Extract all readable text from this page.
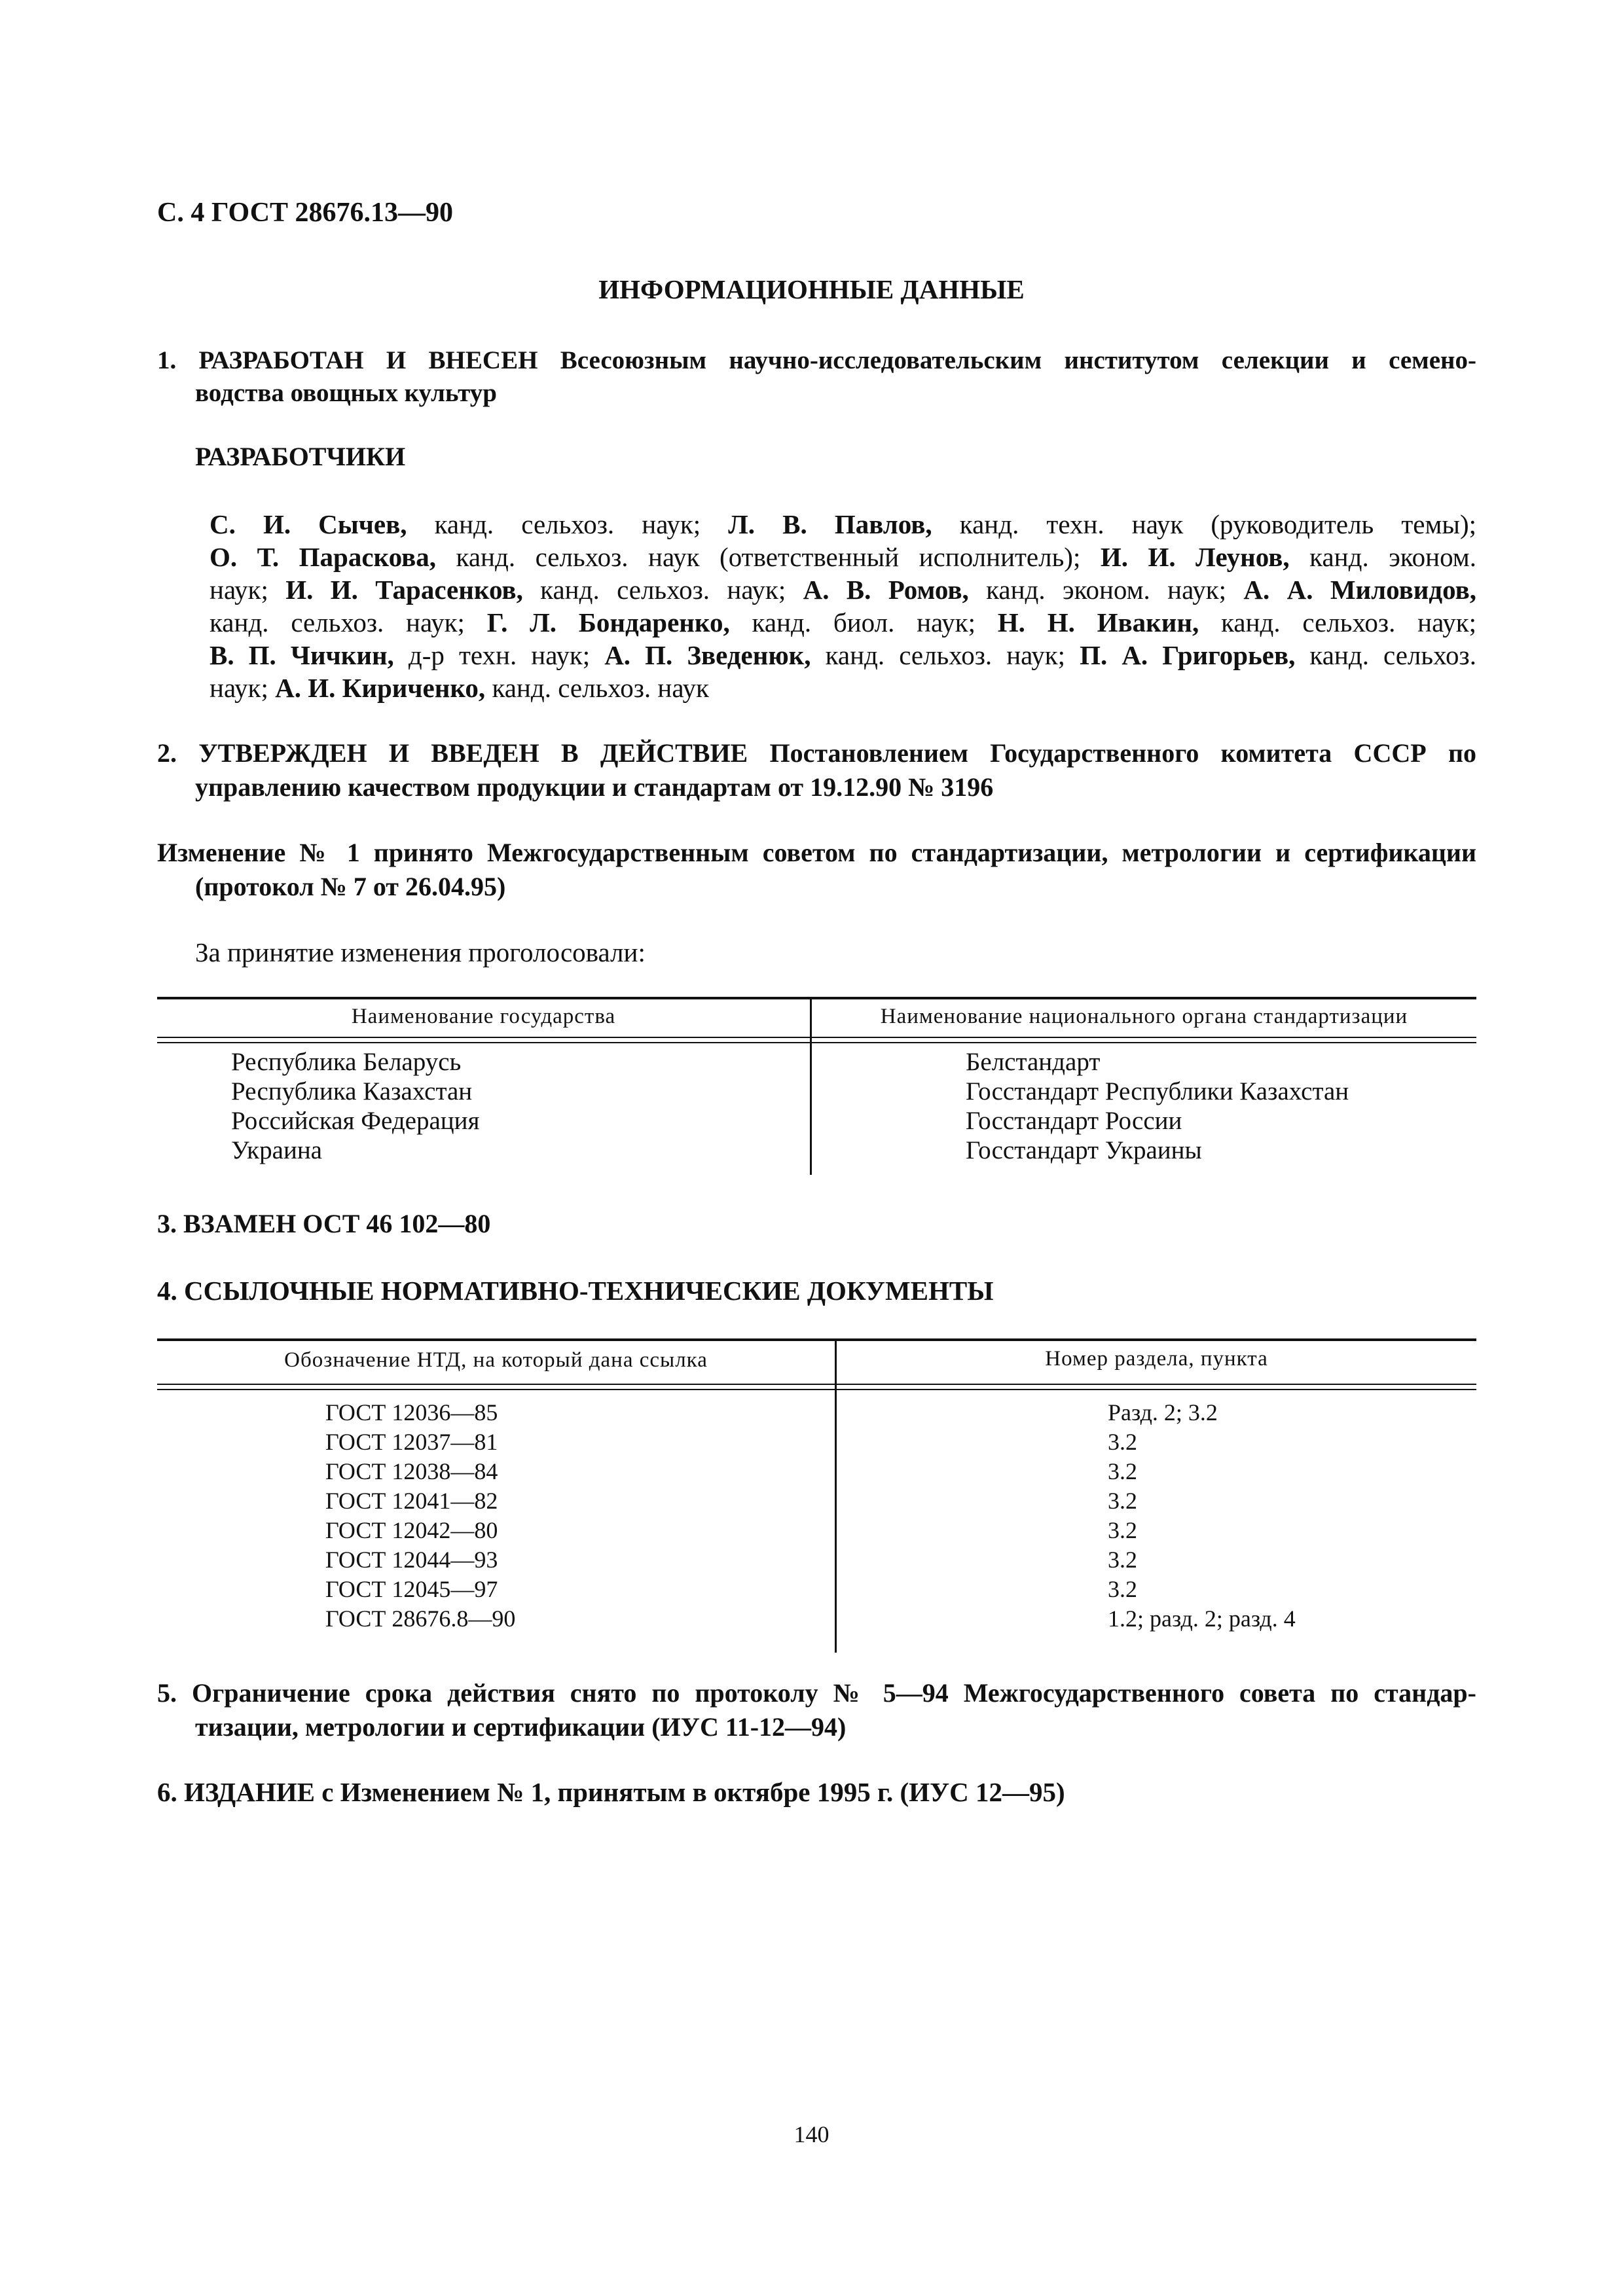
С. 4 ГОСТ 28676.13—90
ИНФОРМАЦИОННЫЕ ДАННЫЕ
1. РАЗРАБОТАН И ВНЕСЕН Всесоюзным научно-исследовательским институтом селекции и семено-
водства овощных культур
РАЗРАБОТЧИКИ
С. И. Сычев, канд. сельхоз. наук; Л. В. Павлов, канд. техн. наук (руководитель темы);
О. Т. Параскова, канд. сельхоз. наук (ответственный исполнитель); И. И. Леунов, канд. эконом.
наук; И. И. Тарасенков, канд. сельхоз. наук; А. В. Ромов, канд. эконом. наук; А. А. Миловидов,
канд. сельхоз. наук; Г. Л. Бондаренко, канд. биол. наук; Н. Н. Ивакин, канд. сельхоз. наук;
В. П. Чичкин, д-р техн. наук; А. П. Зведенюк, канд. сельхоз. наук; П. А. Григорьев, канд. сельхоз.
наук; А. И. Кириченко, канд. сельхоз. наук
2. УТВЕРЖДЕН И ВВЕДЕН В ДЕЙСТВИЕ Постановлением Государственного комитета СССР по
управлению качеством продукции и стандартам от 19.12.90 № 3196
Изменение № 1 принято Межгосударственным советом по стандартизации, метрологии и сертификации
(протокол № 7 от 26.04.95)
За принятие изменения проголосовали:
Наименование государства	Наименование национального органа стандартизации
Республика Беларусь	Белстандарт
Республика Казахстан	Госстандарт Республики Казахстан
Российская Федерация	Госстандарт России
Украина	Госстандарт Украины
3. ВЗАМЕН ОСТ 46 102—80
4. ССЫЛОЧНЫЕ НОРМАТИВНО-ТЕХНИЧЕСКИЕ ДОКУМЕНТЫ
Обозначение НТД, на который дана ссылка	Номер раздела, пункта
ГОСТ 12036—85	Разд. 2; 3.2
ГОСТ 12037—81	3.2
ГОСТ 12038—84	3.2
ГОСТ 12041—82	3.2
ГОСТ 12042—80	3.2
ГОСТ 12044—93	3.2
ГОСТ 12045—97	3.2
ГОСТ 28676.8—90	1.2; разд. 2; разд. 4
5. Ограничение срока действия снято по протоколу № 5—94 Межгосударственного совета по стандар-
тизации, метрологии и сертификации (ИУС 11-12—94)
6. ИЗДАНИЕ с Изменением № 1, принятым в октябре 1995 г. (ИУС 12—95)
140
